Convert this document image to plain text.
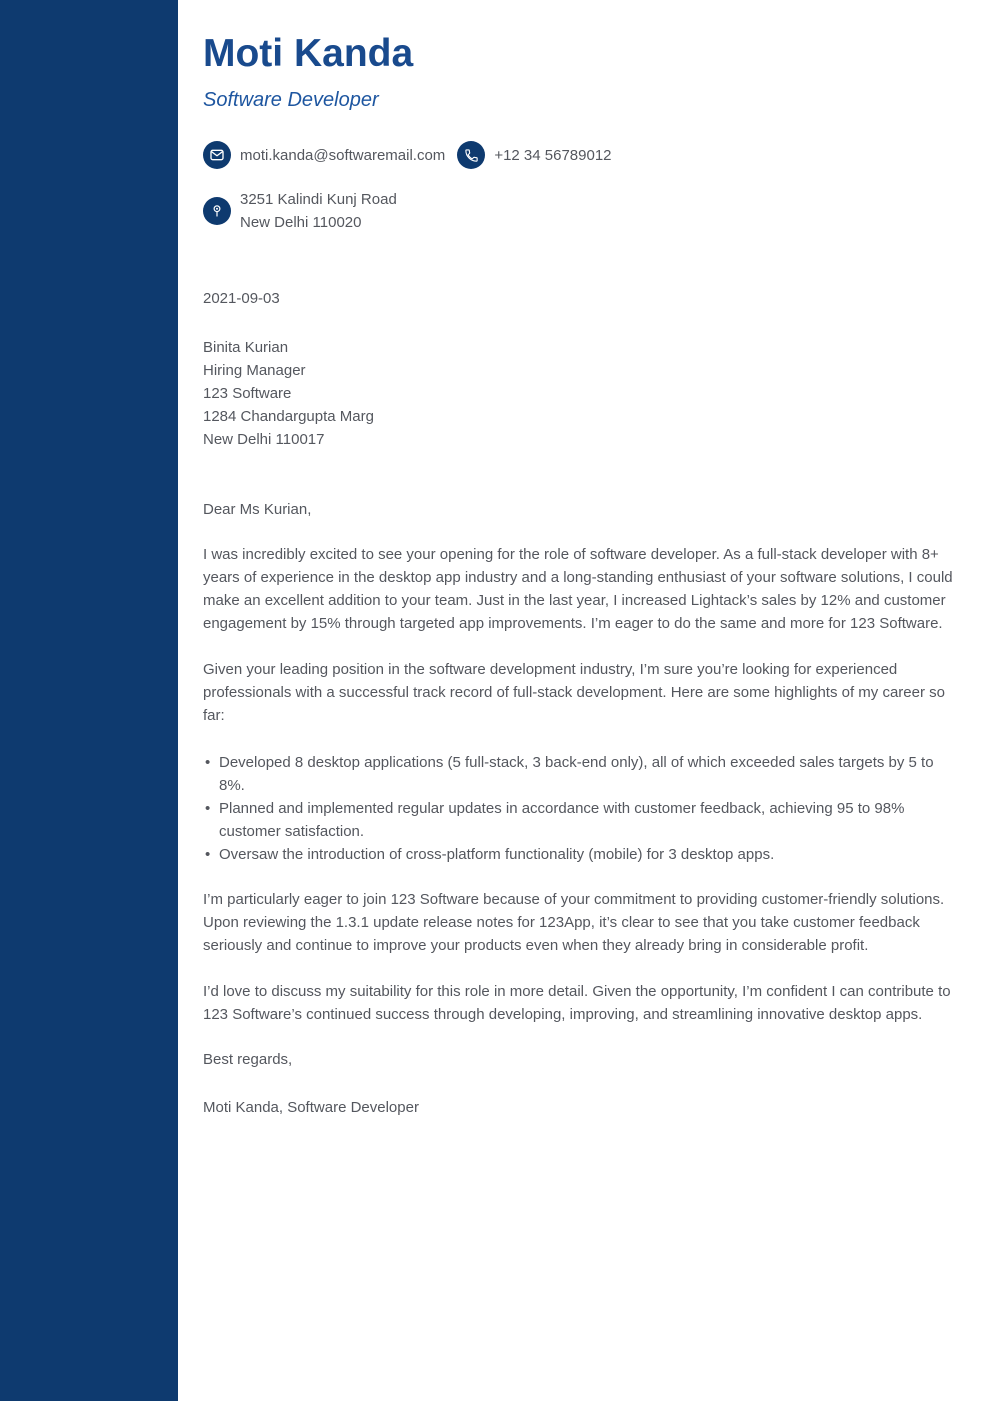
Moti Kanda
Software Developer
moti.kanda@softwaremail.com	+12 34 56789012
3251 Kalindi Kunj Road
New Delhi 110020
2021-09-03
Binita Kurian
Hiring Manager
123 Software
1284 Chandargupta Marg
New Delhi 110017
Dear Ms Kurian,

I was incredibly excited to see your opening for the role of software developer. As a full-stack developer with 8+ years of experience in the desktop app industry and a long-standing enthusiast of your software solutions, I could make an excellent addition to your team. Just in the last year, I increased Lightack’s sales by 12% and customer engagement by 15% through targeted app improvements. I’m eager to do the same and more for 123 Software.

Given your leading position in the software development industry, I’m sure you’re looking for experienced professionals with a successful track record of full-stack development. Here are some highlights of my career so far:

• Developed 8 desktop applications (5 full-stack, 3 back-end only), all of which exceeded sales targets by 5 to 8%.
• Planned and implemented regular updates in accordance with customer feedback, achieving 95 to 98% customer satisfaction.
• Oversaw the introduction of cross-platform functionality (mobile) for 3 desktop apps.

I’m particularly eager to join 123 Software because of your commitment to providing customer-friendly solutions. Upon reviewing the 1.3.1 update release notes for 123App, it’s clear to see that you take customer feedback seriously and continue to improve your products even when they already bring in considerable profit.

I’d love to discuss my suitability for this role in more detail. Given the opportunity, I’m confident I can contribute to 123 Software’s continued success through developing, improving, and streamlining innovative desktop apps.

Best regards,
Moti Kanda, Software Developer
